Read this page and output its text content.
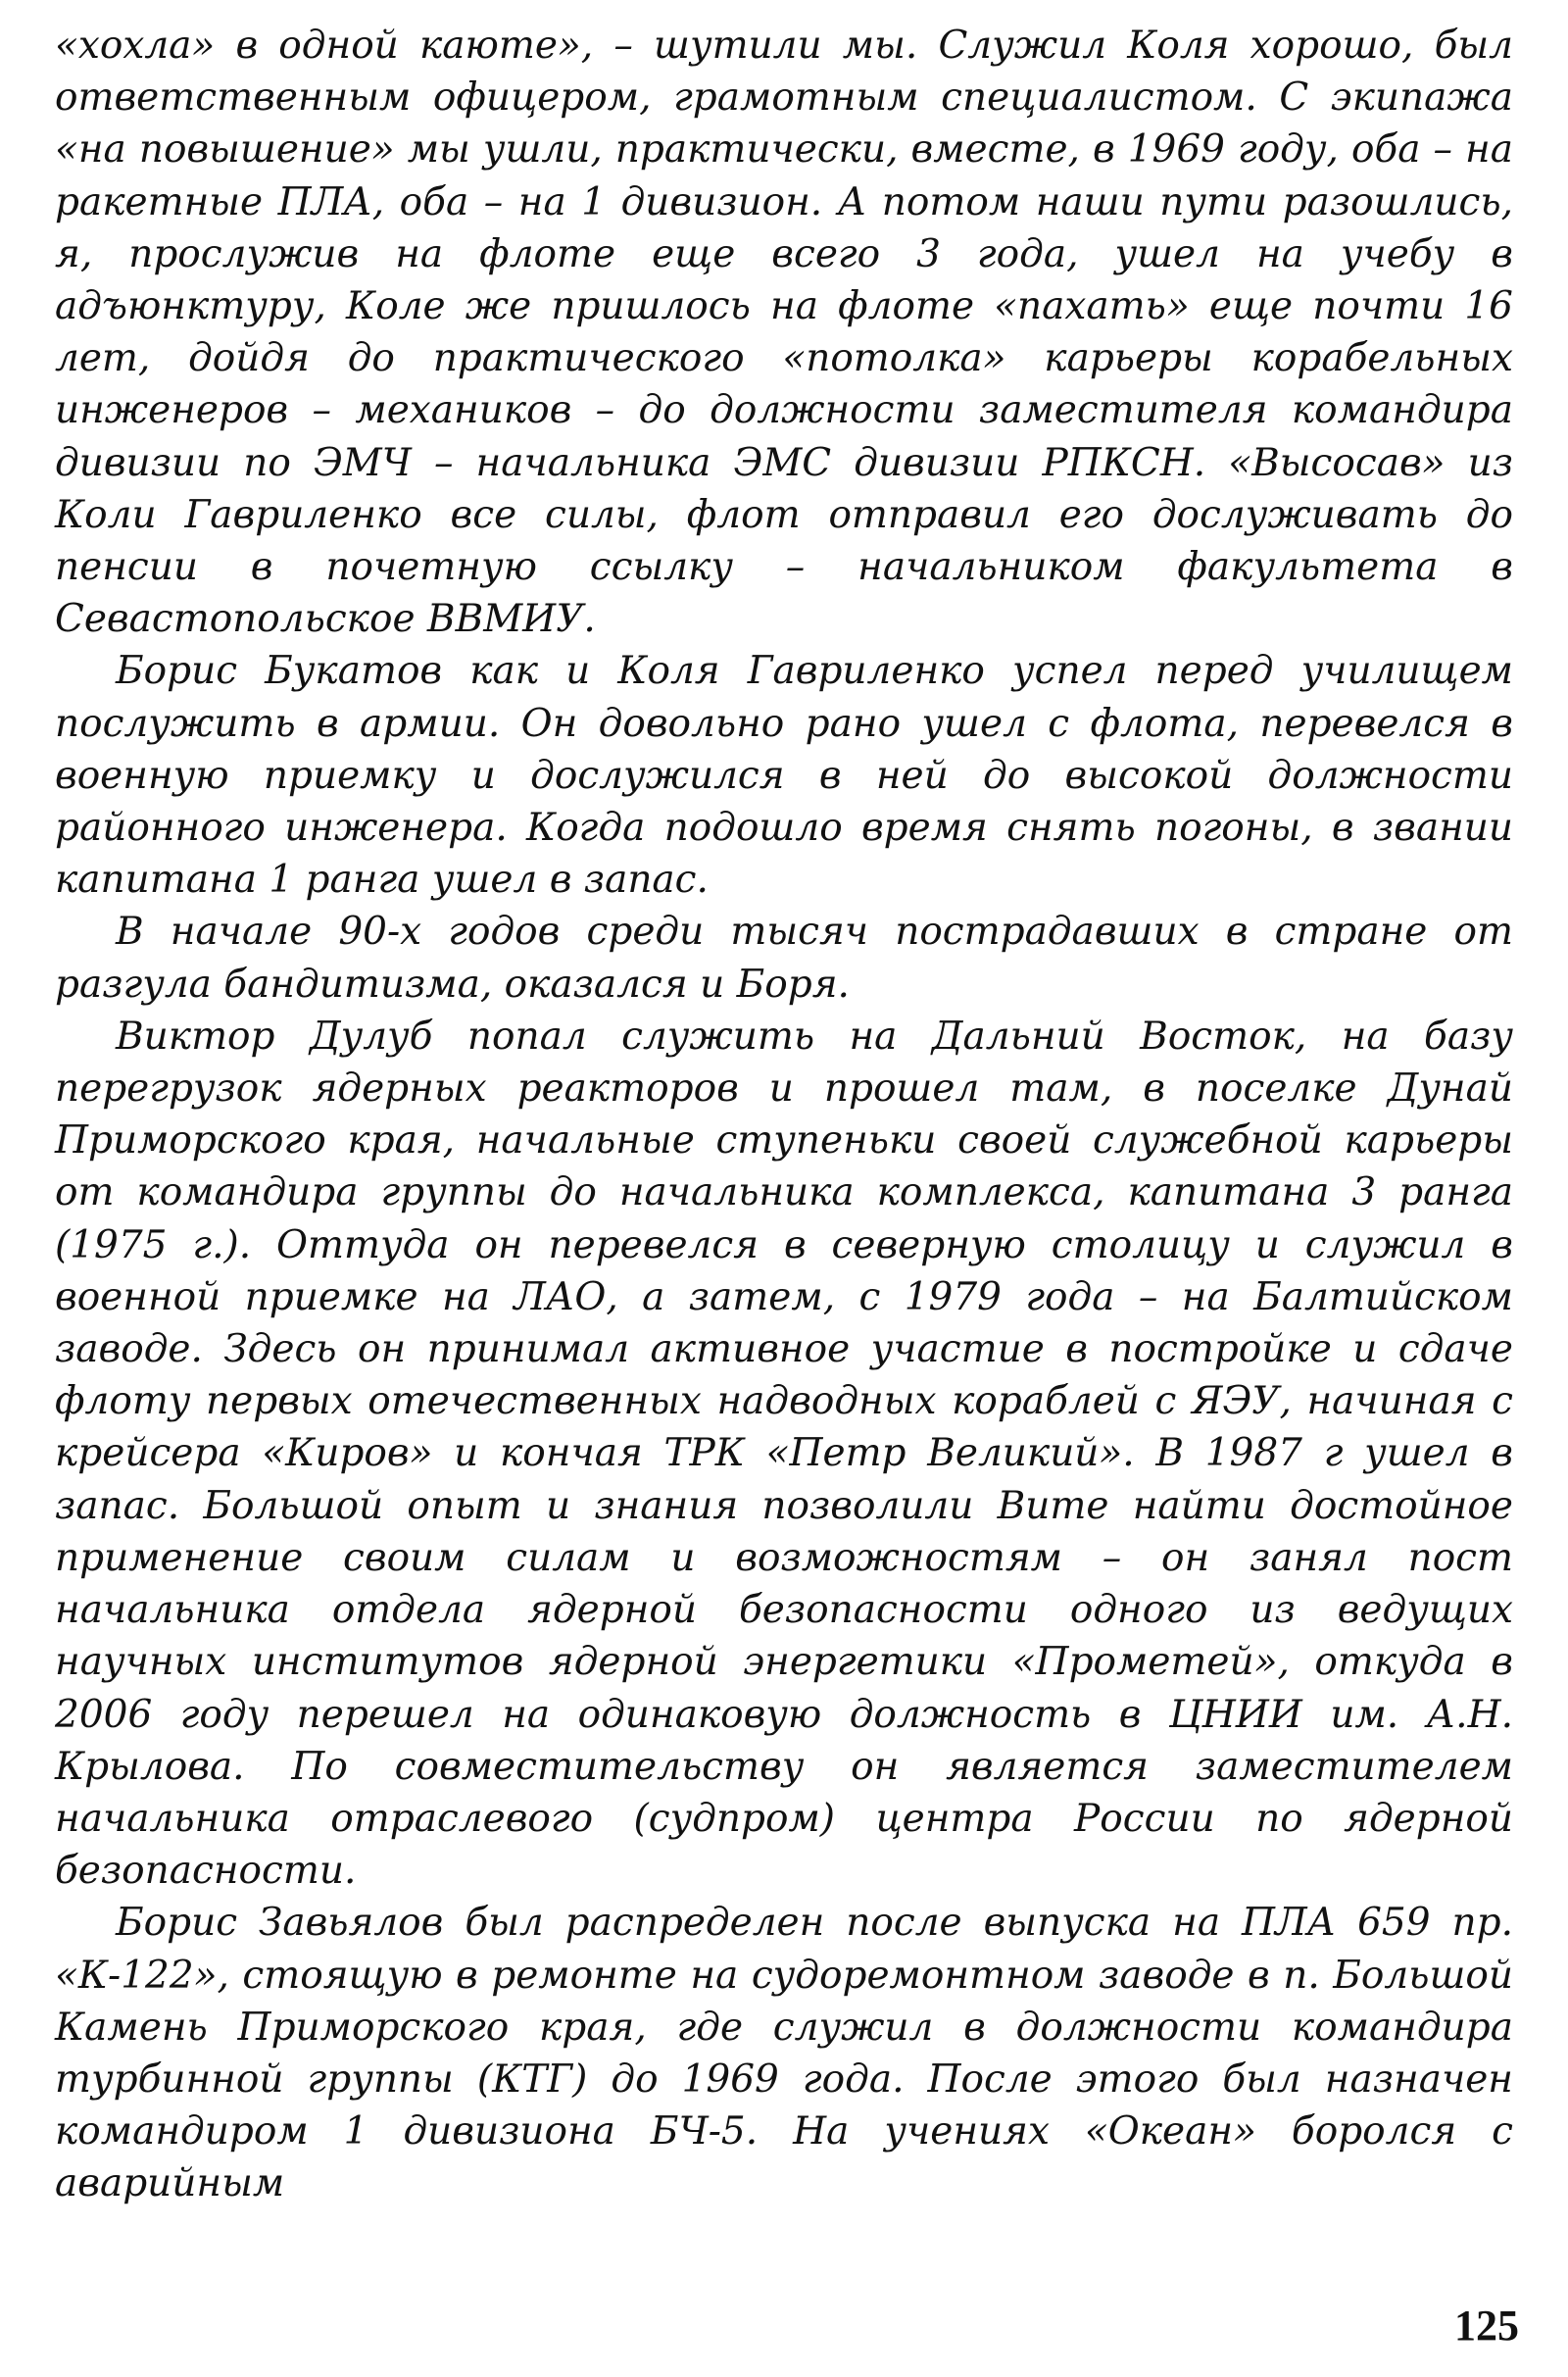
«хохла» в одной каюте», – шутили мы. Служил Коля хорошо, был ответственным офицером, грамотным специалистом. С экипажа «на повышение» мы ушли, практически, вместе, в 1969 году, оба – на ракетные ПЛА, оба – на 1 дивизион. А потом наши пути разошлись, я, прослужив на флоте еще всего 3 года, ушел на учебу в адъюнктуру, Коле же пришлось на флоте «пахать» еще почти 16 лет, дойдя до практического «потолка» карьеры корабельных инженеров – механиков – до должности заместителя командира дивизии по ЭМЧ – начальника ЭМС дивизии РПКСН. «Высосав» из Коли Гавриленко все силы, флот отправил его дослуживать до пенсии в почетную ссылку – начальником факультета в Севастопольское ВВМИУ.

Борис Букатов как и Коля Гавриленко успел перед училищем послужить в армии. Он довольно рано ушел с флота, перевелся в военную приемку и дослужился в ней до высокой должности районного инженера. Когда подошло время снять погоны, в звании капитана 1 ранга ушел в запас.

В начале 90-х годов среди тысяч пострадавших в стране от разгула бандитизма, оказался и Боря.

Виктор Дулуб попал служить на Дальний Восток, на базу перегрузок ядерных реакторов и прошел там, в поселке Дунай Приморского края, начальные ступеньки своей служебной карьеры от командира группы до начальника комплекса, капитана 3 ранга (1975 г.). Оттуда он перевелся в северную столицу и служил в военной приемке на ЛАО, а затем, с 1979 года – на Балтийском заводе. Здесь он принимал активное участие в постройке и сдаче флоту первых отечественных надводных кораблей с ЯЭУ, начиная с крейсера «Киров» и кончая ТРК «Петр Великий». В 1987 г ушел в запас. Большой опыт и знания позволили Вите найти достойное применение своим силам и возможностям – он занял пост начальника отдела ядерной безопасности одного из ведущих научных институтов ядерной энергетики «Прометей», откуда в 2006 году перешел на одинаковую должность в ЦНИИ им. А.Н. Крылова. По совместительству он является заместителем начальника отраслевого (судпром) центра России по ядерной безопасности.

Борис Завьялов был распределен после выпуска на ПЛА 659 пр. «К-122», стоящую в ремонте на судоремонтном заводе в п. Большой Камень Приморского края, где служил в должности командира турбинной группы (КТГ) до 1969 года. После этого был назначен командиром 1 дивизиона БЧ-5. На учениях «Океан» боролся с аварийным

125
